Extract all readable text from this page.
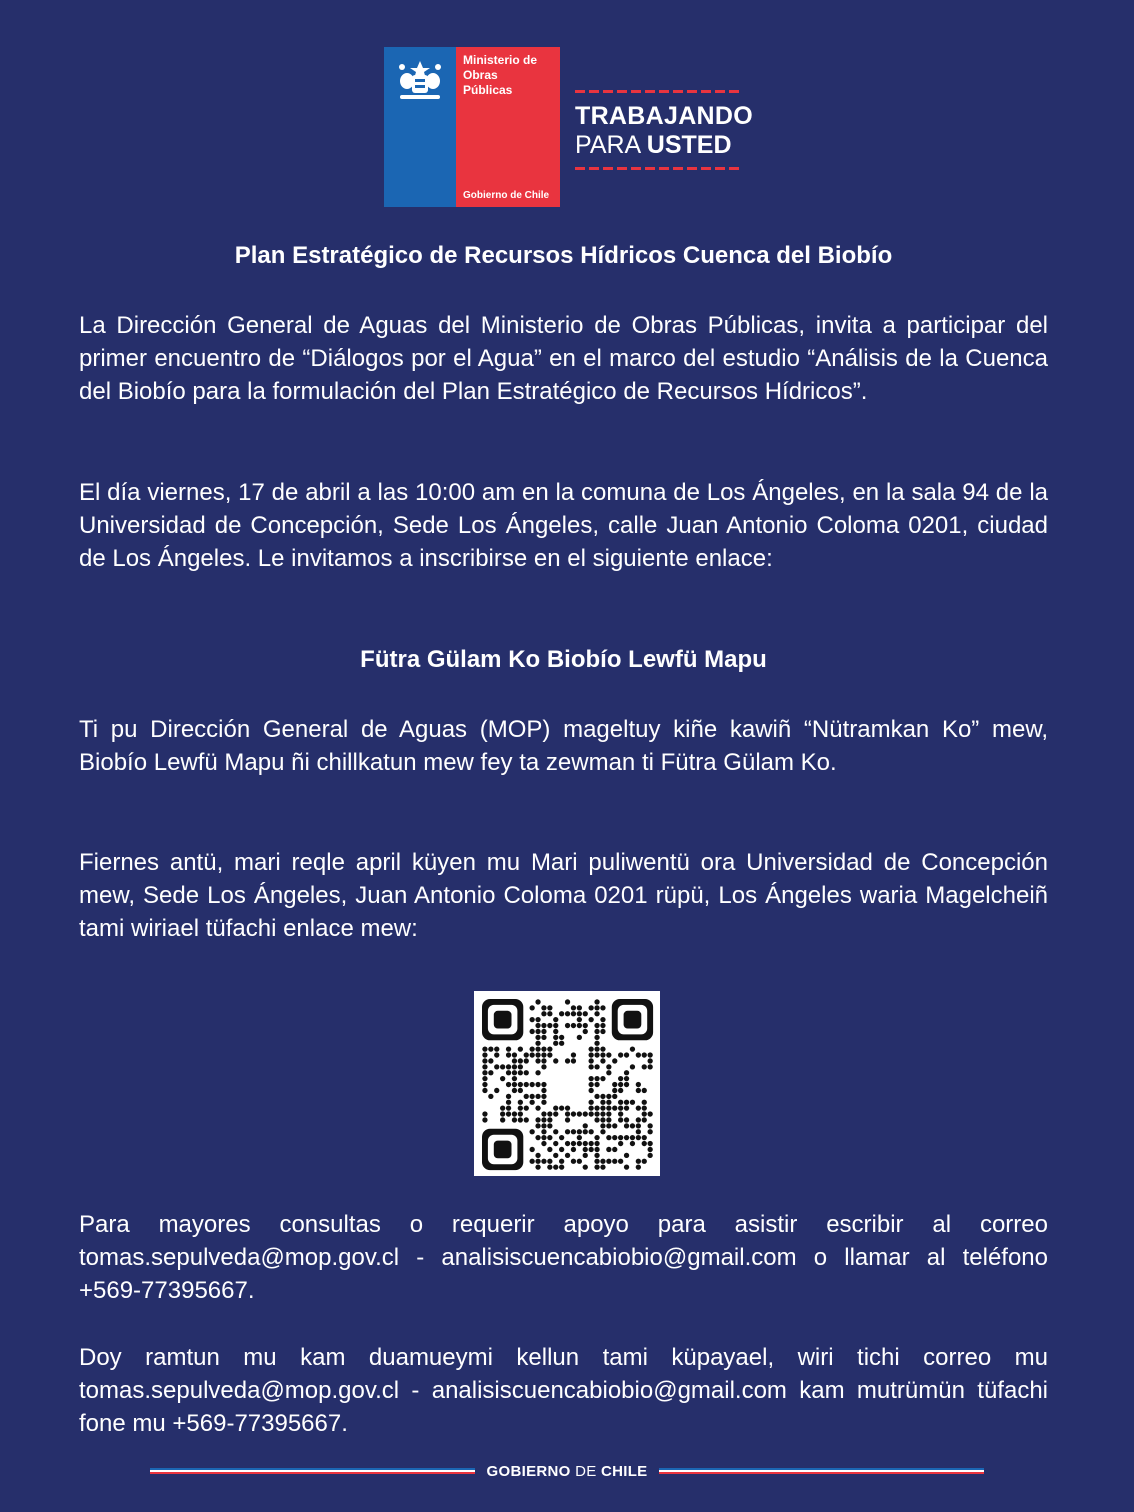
Ministerio de
Obras
Públicas
Gobierno de Chile
TRABAJANDO
PARA USTED
Plan Estratégico de Recursos Hídricos Cuenca del Biobío
La Dirección General de Aguas del Ministerio de Obras Públicas, invita a participar del primer encuentro de “Diálogos por el Agua” en el marco del estudio “Análisis de la Cuenca del Biobío para la formulación del Plan Estratégico de Recursos Hídricos”.
El día viernes, 17 de abril a las 10:00 am en la comuna de Los Ángeles, en la sala 94 de la Universidad de Concepción, Sede Los Ángeles, calle Juan Antonio Coloma 0201, ciudad de Los Ángeles. Le invitamos a inscribirse en el siguiente enlace:
Fütra Gülam Ko Biobío Lewfü Mapu
Ti pu Dirección General de Aguas (MOP) mageltuy kiñe kawiñ “Nütramkan Ko” mew, Biobío Lewfü Mapu ñi chillkatun mew fey ta zewman ti Fütra Gülam Ko.
Fiernes antü, mari reqle april küyen mu Mari puliwentü ora Universidad de Concepción mew, Sede Los Ángeles, Juan Antonio Coloma 0201 rüpü, Los Ángeles waria Magelcheiñ tami wiriael tüfachi enlace mew:
Para mayores consultas o requerir apoyo para asistir escribir al correo tomas.sepulveda@mop.gov.cl - analisiscuencabiobio@gmail.com o llamar al teléfono +569-77395667.
Doy ramtun mu kam duamueymi kellun tami küpayael, wiri tichi correo mu tomas.sepulveda@mop.gov.cl - analisiscuencabiobio@gmail.com kam mutrümün tüfachi fone mu +569-77395667.
GOBIERNO DE CHILE
